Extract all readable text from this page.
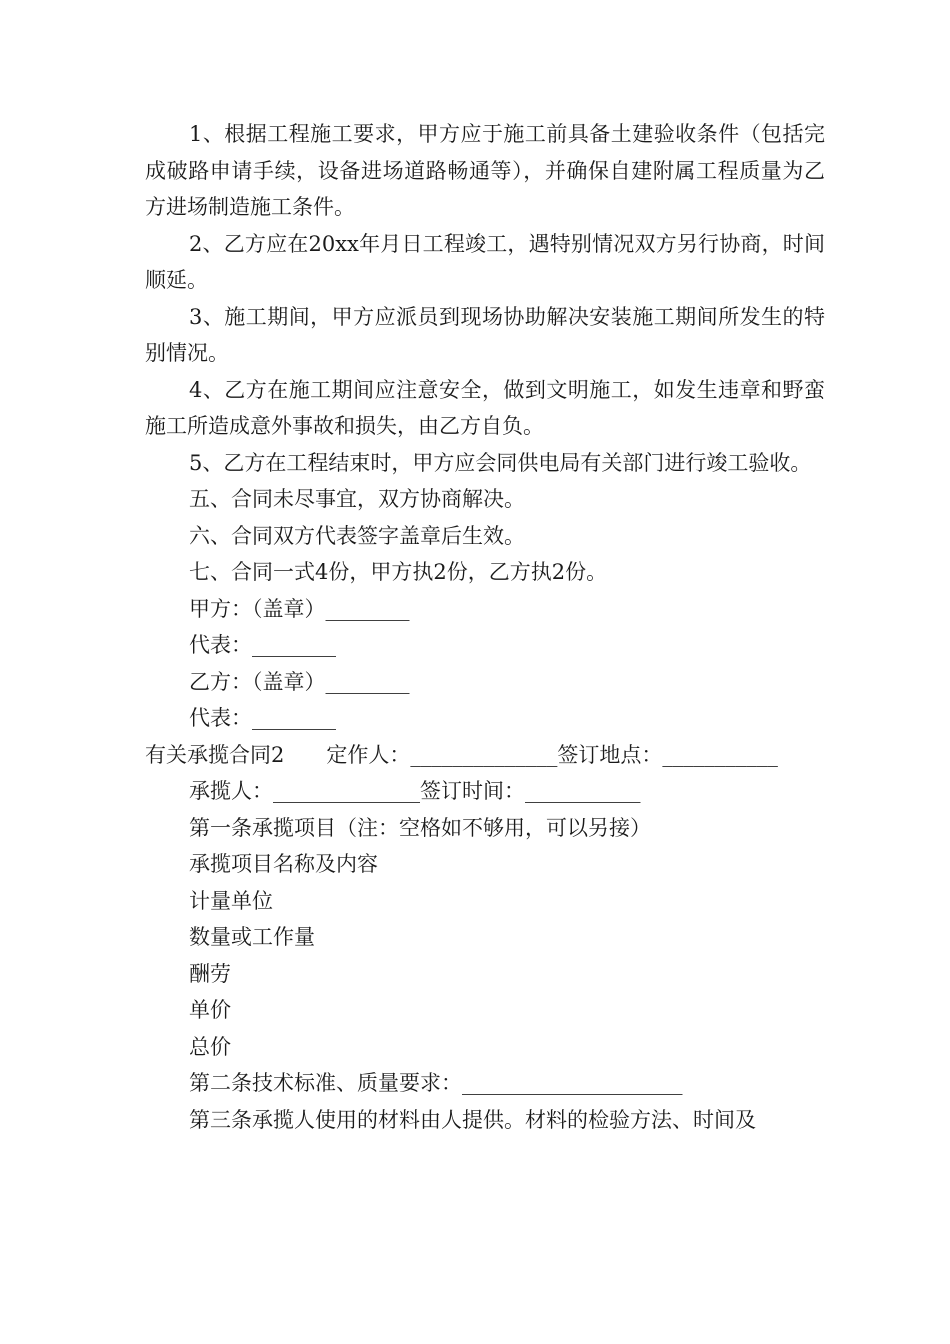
1、根据工程施工要求，甲方应于施工前具备土建验收条件（包括完成破路申请手续，设备进场道路畅通等），并确保自建附属工程质量为乙方进场制造施工条件。

2、乙方应在20xx年月日工程竣工，遇特别情况双方另行协商，时间顺延。

3、施工期间，甲方应派员到现场协助解决安装施工期间所发生的特别情况。

4、乙方在施工期间应注意安全，做到文明施工，如发生违章和野蛮施工所造成意外事故和损失，由乙方自负。

5、乙方在工程结束时，甲方应会同供电局有关部门进行竣工验收。

五、合同未尽事宜，双方协商解决。

六、合同双方代表签字盖章后生效。

七、合同一式4份，甲方执2份，乙方执2份。

甲方：（盖章）________

代表：________

乙方：（盖章）________

代表：________

有关承揽合同2　　定作人：______________签订地点：___________

承揽人：______________签订时间：___________

第一条承揽项目（注：空格如不够用，可以另接）

承揽项目名称及内容

计量单位

数量或工作量

酬劳

单价

总价

第二条技术标准、质量要求：_____________________

第三条承揽人使用的材料由人提供。材料的检验方法、时间及
